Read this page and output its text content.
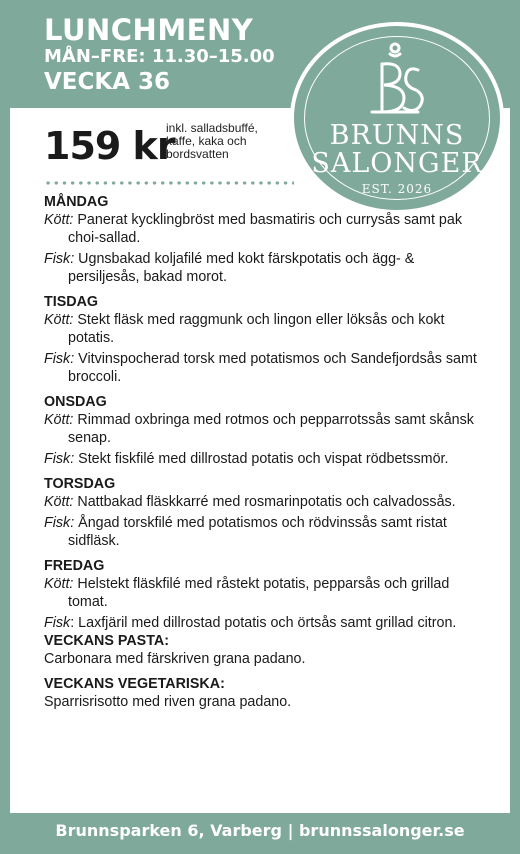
LUNCHMENY
MÅN–FRE: 11.30–15.00
VECKA 36
BRUNNS
SALONGER
EST. 2026
159 kr
inkl. salladsbuffé, kaffe, kaka och bordsvatten
MÅNDAG

Kött: Panerat kycklingbröst med basmatiris och currysås samt pak choi-sallad.

Fisk: Ugnsbakad koljafilé med kokt färskpotatis och ägg- & persiljesås, bakad morot.

TISDAG

Kött: Stekt fläsk med raggmunk och lingon eller löksås och kokt potatis.

Fisk: Vitvinspocherad torsk med potatismos och Sandefjordsås samt broccoli.

ONSDAG

Kött: Rimmad oxbringa med rotmos och pepparrotssås samt skånsk senap.

Fisk: Stekt fiskfilé med dillrostad potatis och vispat rödbetssmör.

TORSDAG

Kött: Nattbakad fläskkarré med rosmarinpotatis och calvadossås.

Fisk: Ångad torskfilé med potatismos och rödvinssås samt ristat sidfläsk.

FREDAG

Kött: Helstekt fläskfilé med råstekt potatis, pepparsås och grillad tomat.

Fisk: Laxfjäril med dillrostad potatis och örtsås samt grillad citron.

VECKANS PASTA:
Carbonara med färskriven grana padano.
VECKANS VEGETARISKA:
Sparrisrisotto med riven grana padano.
Brunnsparken 6, Varberg | brunnssalonger.se
